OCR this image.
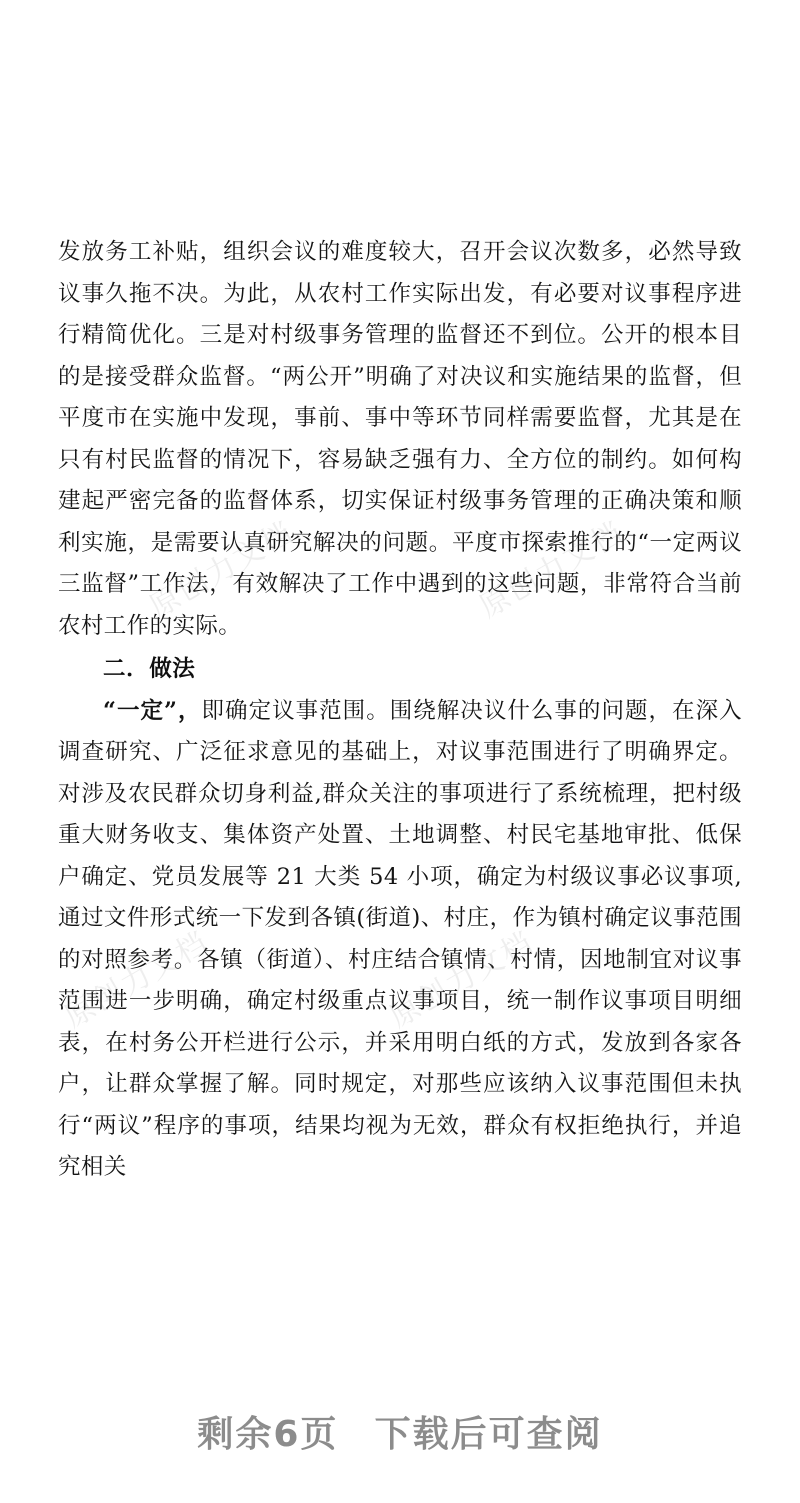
原创力文档	原创力文档
原创力文档	原创力文档

发放务工补贴，组织会议的难度较大，召开会议次数多，必然导致议事久拖不决。为此，从农村工作实际出发，有必要对议事程序进行精简优化。三是对村级事务管理的监督还不到位。公开的根本目的是接受群众监督。“两公开”明确了对决议和实施结果的监督，但平度市在实施中发现，事前、事中等环节同样需要监督，尤其是在只有村民监督的情况下，容易缺乏强有力、全方位的制约。如何构建起严密完备的监督体系，切实保证村级事务管理的正确决策和顺利实施，是需要认真研究解决的问题。平度市探索推行的“一定两议三监督”工作法，有效解决了工作中遇到的这些问题，非常符合当前农村工作的实际。

二．做法

“一定”，即确定议事范围。围绕解决议什么事的问题，在深入调查研究、广泛征求意见的基础上，对议事范围进行了明确界定。对涉及农民群众切身利益,群众关注的事项进行了系统梳理，把村级重大财务收支、集体资产处置、土地调整、村民宅基地审批、低保户确定、党员发展等 21 大类 54 小项，确定为村级议事必议事项,通过文件形式统一下发到各镇(街道)、村庄，作为镇村确定议事范围的对照参考。各镇（街道）、村庄结合镇情、村情，因地制宜对议事范围进一步明确，确定村级重点议事项目，统一制作议事项目明细表，在村务公开栏进行公示，并采用明白纸的方式，发放到各家各户，让群众掌握了解。同时规定，对那些应该纳入议事范围但未执行“两议”程序的事项，结果均视为无效，群众有权拒绝执行，并追究相关

剩余6页 下载后可查阅
